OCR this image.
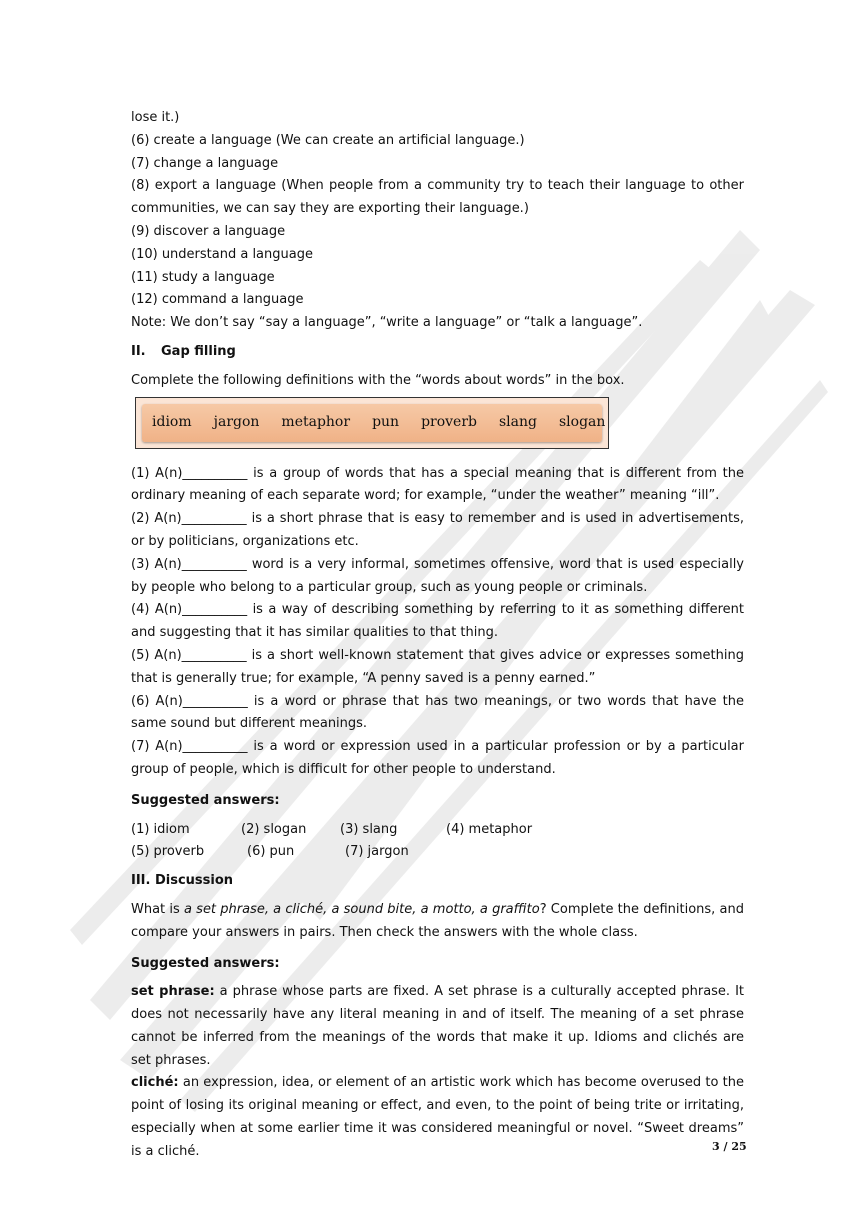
lose it.)

(6) create a language (We can create an artificial language.)

(7) change a language

(8) export a language (When people from a community try to teach their language to other communities, we can say they are exporting their language.)

(9) discover a language

(10) understand a language

(11) study a language

(12) command a language

Note: We don’t say “say a language”, “write a language” or “talk a language”.

II. Gap filling

Complete the following definitions with the “words about words” in the box.

idiom jargon metaphor pun proverb slang slogan

(1) A(n)__________ is a group of words that has a special meaning that is different from the ordinary meaning of each separate word; for example, “under the weather” meaning “ill”.

(2) A(n)__________ is a short phrase that is easy to remember and is used in advertisements, or by politicians, organizations etc.

(3) A(n)__________ word is a very informal, sometimes offensive, word that is used especially by people who belong to a particular group, such as young people or criminals.

(4) A(n)__________ is a way of describing something by referring to it as something different and suggesting that it has similar qualities to that thing.

(5) A(n)__________ is a short well-known statement that gives advice or expresses something that is generally true; for example, “A penny saved is a penny earned.”

(6) A(n)__________ is a word or phrase that has two meanings, or two words that have the same sound but different meanings.

(7) A(n)__________ is a word or expression used in a particular profession or by a particular group of people, which is difficult for other people to understand.

Suggested answers:

(1) idiom	(2) slogan	(3) slang	(4) metaphor
(5) proverb	(6) pun	(7) jargon

III. Discussion

What is a set phrase, a cliché, a sound bite, a motto, a graffito? Complete the definitions, and compare your answers in pairs. Then check the answers with the whole class.

Suggested answers:

set phrase: a phrase whose parts are fixed. A set phrase is a culturally accepted phrase. It does not necessarily have any literal meaning in and of itself. The meaning of a set phrase cannot be inferred from the meanings of the words that make it up. Idioms and clichés are set phrases.

cliché: an expression, idea, or element of an artistic work which has become overused to the point of losing its original meaning or effect, and even, to the point of being trite or irritating, especially when at some earlier time it was considered meaningful or novel. “Sweet dreams” is a cliché.	3 / 25
